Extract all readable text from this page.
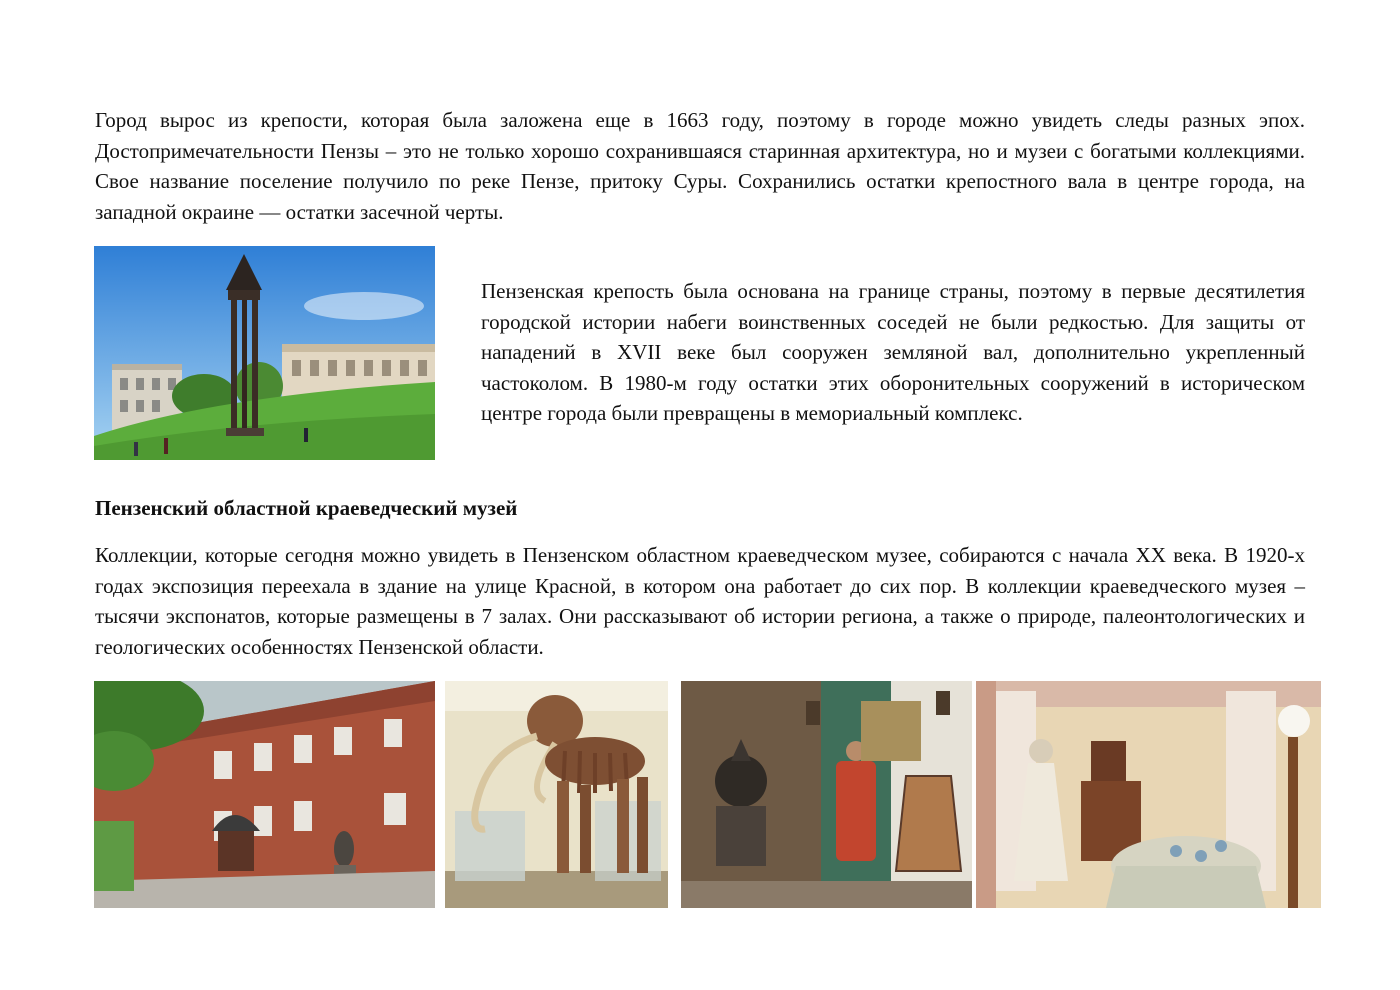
Город вырос из крепости, которая была заложена еще в 1663 году, поэтому в городе можно увидеть следы разных эпох. Достопримечательности Пензы – это не только хорошо сохранившаяся старинная архитектура, но и музеи с богатыми коллекциями. Свое название поселение получило по реке Пензе, притоку Суры. Сохранились остатки крепостного вала в центре города, на западной окраине — остатки засечной черты.

Пензенская крепость была основана на границе страны, поэтому в первые десятилетия городской истории набеги воинственных соседей не были редкостью. Для защиты от нападений в XVII веке был сооружен земляной вал, дополнительно укрепленный частоколом. В 1980-м году остатки этих оборонительных сооружений в историческом центре города были превращены в мемориальный комплекс.

Пензенский областной краеведческий музей

Коллекции, которые сегодня можно увидеть в Пензенском областном краеведческом музее, собираются с начала XX века. В 1920-х годах экспозиция переехала в здание на улице Красной, в котором она работает до сих пор. В коллекции краеведческого музея – тысячи экспонатов, которые размещены в 7 залах. Они рассказывают об истории региона, а также о природе, палеонтологических и геологических особенностях Пензенской области.
